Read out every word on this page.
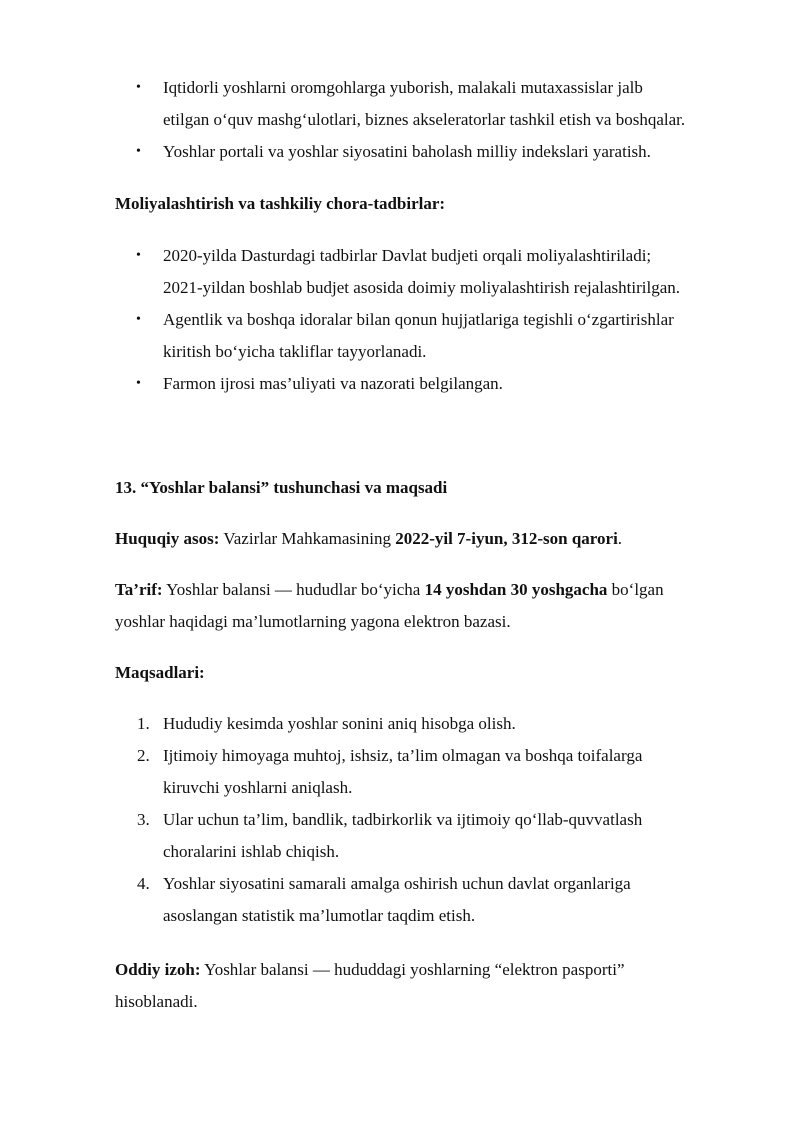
• Iqtidorli yoshlarni oromgohlarga yuborish, malakali mutaxassislar jalb
etilgan o‘quv mashg‘ulotlari, biznes akseleratorlar tashkil etish va boshqalar.
• Yoshlar portali va yoshlar siyosatini baholash milliy indekslari yaratish.

Moliyalashtirish va tashkiliy chora-tadbirlar:

• 2020-yilda Dasturdagi tadbirlar Davlat budjeti orqali moliyalashtiriladi;
2021-yildan boshlab budjet asosida doimiy moliyalashtirish rejalashtirilgan.
• Agentlik va boshqa idoralar bilan qonun hujjatlariga tegishli o‘zgartirishlar
kiritish bo‘yicha takliflar tayyorlanadi.
• Farmon ijrosi mas’uliyati va nazorati belgilangan.

13. “Yoshlar balansi” tushunchasi va maqsadi

Huquqiy asos: Vazirlar Mahkamasining 2022-yil 7-iyun, 312-son qarori.

Ta’rif: Yoshlar balansi — hududlar bo‘yicha 14 yoshdan 30 yoshgacha bo‘lgan
yoshlar haqidagi ma’lumotlarning yagona elektron bazasi.

Maqsadlari:

1. Hududiy kesimda yoshlar sonini aniq hisobga olish.
2. Ijtimoiy himoyaga muhtoj, ishsiz, ta’lim olmagan va boshqa toifalarga
kiruvchi yoshlarni aniqlash.
3. Ular uchun ta’lim, bandlik, tadbirkorlik va ijtimoiy qo‘llab-quvvatlash
choralarini ishlab chiqish.
4. Yoshlar siyosatini samarali amalga oshirish uchun davlat organlariga
asoslangan statistik ma’lumotlar taqdim etish.
Oddiy izoh: Yoshlar balansi — hududdagi yoshlarning “elektron pasporti”
hisoblanadi.
